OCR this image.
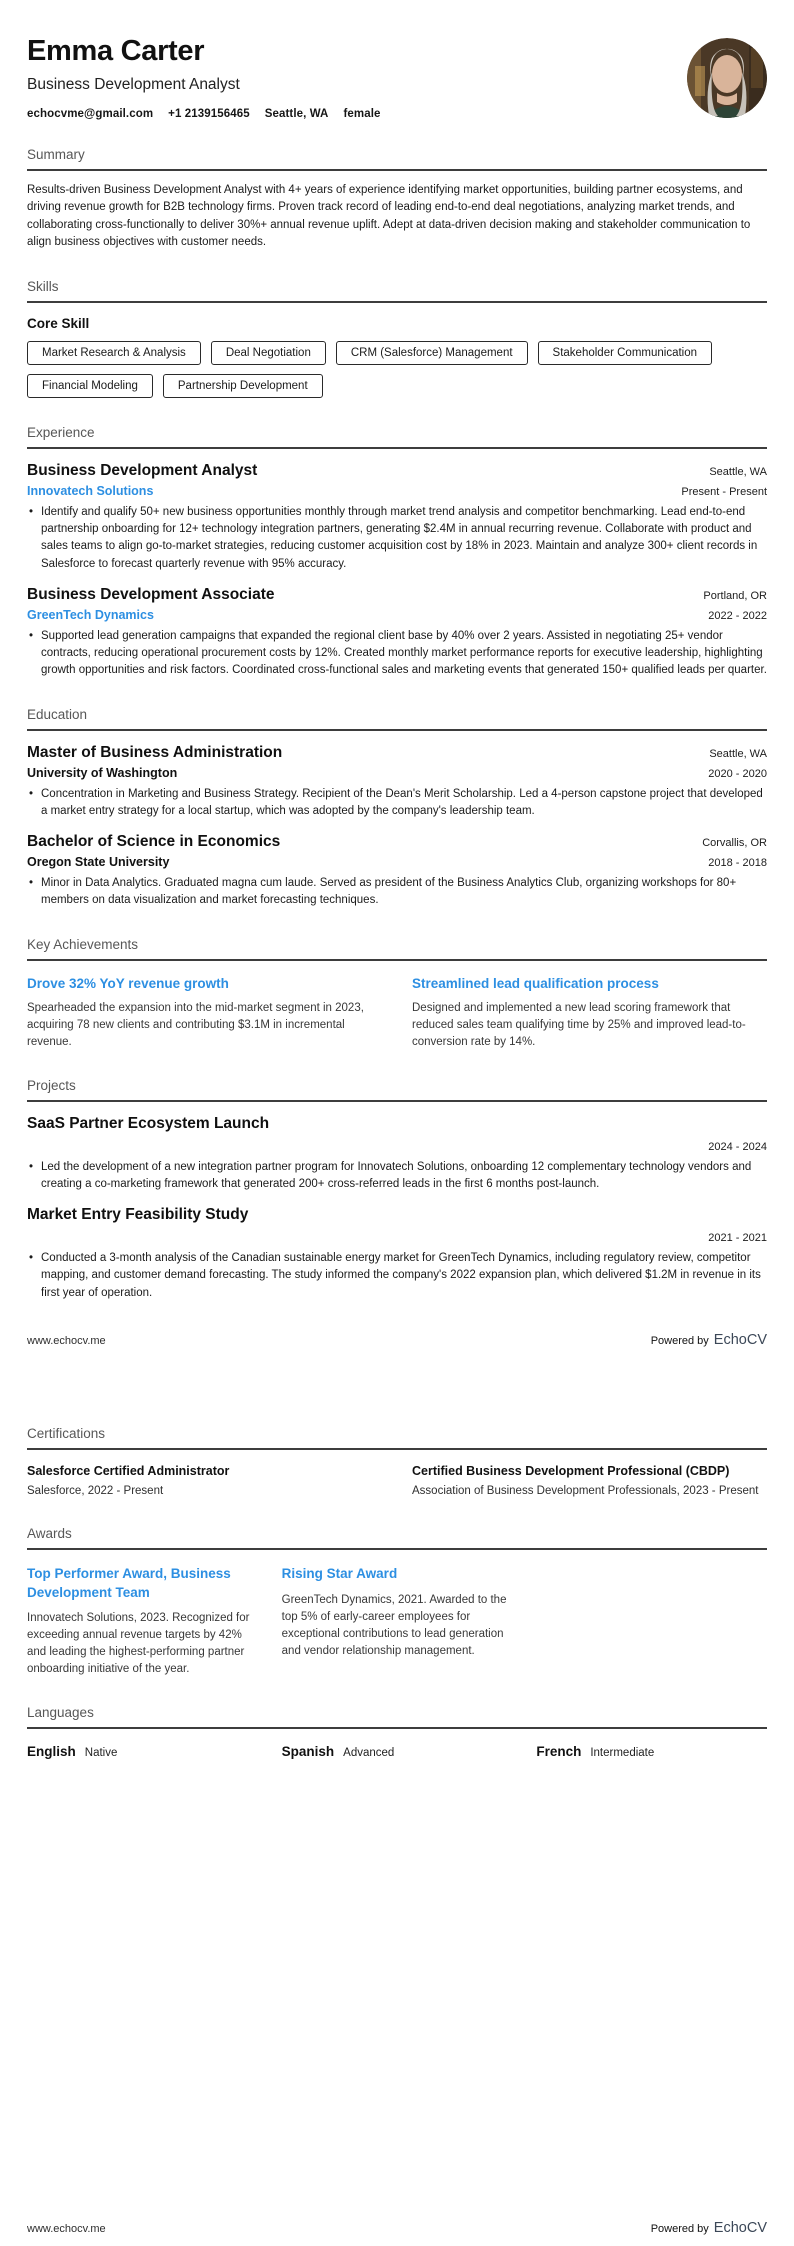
Emma Carter
Business Development Analyst
echocvme@gmail.com +1 2139156465 Seattle, WA female
Summary
Results-driven Business Development Analyst with 4+ years of experience identifying market opportunities, building partner ecosystems, and driving revenue growth for B2B technology firms. Proven track record of leading end-to-end deal negotiations, analyzing market trends, and collaborating cross-functionally to deliver 30%+ annual revenue uplift. Adept at data-driven decision making and stakeholder communication to align business objectives with customer needs.
Skills
Core Skill
Market Research & Analysis	Deal Negotiation	CRM (Salesforce) Management	Stakeholder Communication
Financial Modeling	Partnership Development
Experience
Business Development Analyst	Seattle, WA
Innovatech Solutions	Present - Present
• Identify and qualify 50+ new business opportunities monthly through market trend analysis and competitor benchmarking. Lead end-to-end partnership onboarding for 12+ technology integration partners, generating $2.4M in annual recurring revenue. Collaborate with product and sales teams to align go-to-market strategies, reducing customer acquisition cost by 18% in 2023. Maintain and analyze 300+ client records in Salesforce to forecast quarterly revenue with 95% accuracy.
Business Development Associate	Portland, OR
GreenTech Dynamics	2022 - 2022
• Supported lead generation campaigns that expanded the regional client base by 40% over 2 years. Assisted in negotiating 25+ vendor contracts, reducing operational procurement costs by 12%. Created monthly market performance reports for executive leadership, highlighting growth opportunities and risk factors. Coordinated cross-functional sales and marketing events that generated 150+ qualified leads per quarter.
Education
Master of Business Administration	Seattle, WA
University of Washington	2020 - 2020
• Concentration in Marketing and Business Strategy. Recipient of the Dean's Merit Scholarship. Led a 4-person capstone project that developed a market entry strategy for a local startup, which was adopted by the company's leadership team.
Bachelor of Science in Economics	Corvallis, OR
Oregon State University	2018 - 2018
• Minor in Data Analytics. Graduated magna cum laude. Served as president of the Business Analytics Club, organizing workshops for 80+ members on data visualization and market forecasting techniques.
Key Achievements
Drove 32% YoY revenue growth
Spearheaded the expansion into the mid-market segment in 2023, acquiring 78 new clients and contributing $3.1M in incremental revenue.
Streamlined lead qualification process
Designed and implemented a new lead scoring framework that reduced sales team qualifying time by 25% and improved lead-to-conversion rate by 14%.
Projects
SaaS Partner Ecosystem Launch
2024 - 2024
• Led the development of a new integration partner program for Innovatech Solutions, onboarding 12 complementary technology vendors and creating a co-marketing framework that generated 200+ cross-referred leads in the first 6 months post-launch.
Market Entry Feasibility Study
2021 - 2021
• Conducted a 3-month analysis of the Canadian sustainable energy market for GreenTech Dynamics, including regulatory review, competitor mapping, and customer demand forecasting. The study informed the company's 2022 expansion plan, which delivered $1.2M in revenue in its first year of operation.
www.echocv.me	Powered by EchoCV
Certifications
Salesforce Certified Administrator
Salesforce, 2022 - Present
Certified Business Development Professional (CBDP)
Association of Business Development Professionals, 2023 - Present
Awards
Top Performer Award, Business Development Team
Innovatech Solutions, 2023. Recognized for exceeding annual revenue targets by 42% and leading the highest-performing partner onboarding initiative of the year.
Rising Star Award
GreenTech Dynamics, 2021. Awarded to the top 5% of early-career employees for exceptional contributions to lead generation and vendor relationship management.
Languages
English Native	Spanish Advanced	French Intermediate
www.echocv.me	Powered by EchoCV
